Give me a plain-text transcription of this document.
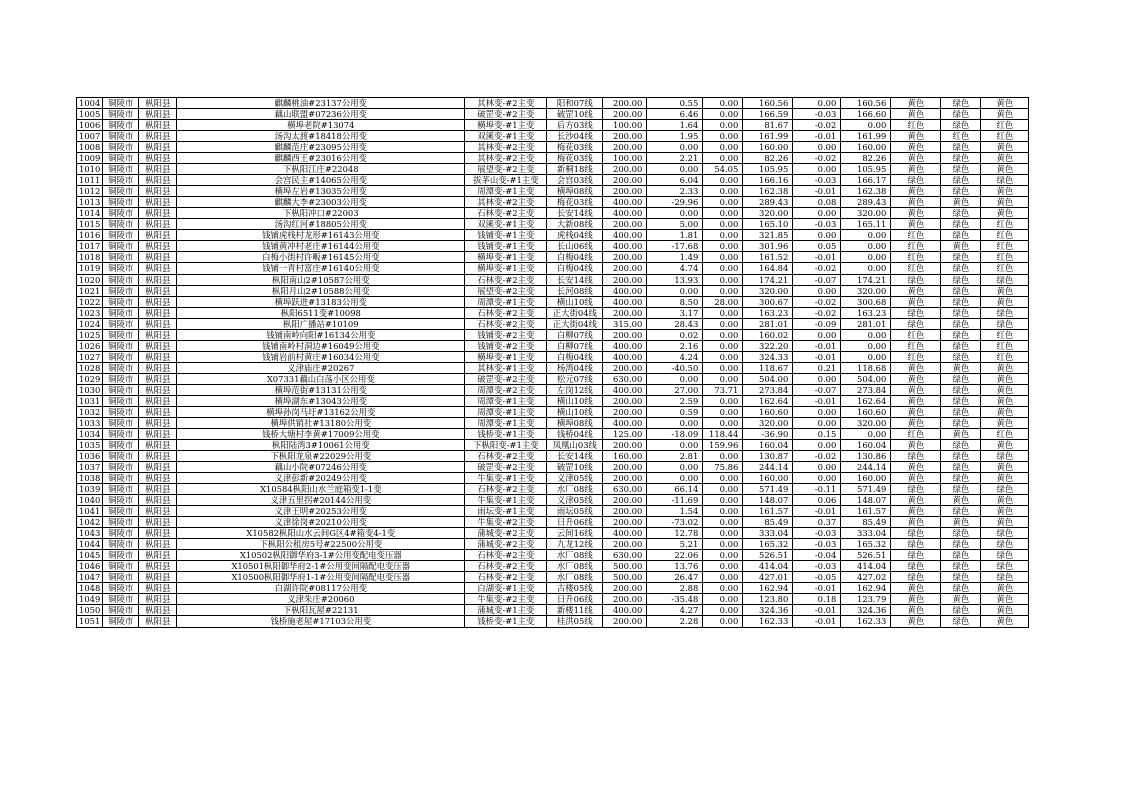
1004	铜陵市	枞阳县	麒麟桃油#23137公用变	其林变-#2主变	阳和07线	200.00	0.55	0.00	160.56	0.00	160.56	黄色	绿色	黄色
1005	铜陵市	枞阳县	藕山联盟#07236公用变	破罡变-#2主变	破罡10线	200.00	6.46	0.00	166.59	-0.03	166.60	黄色	绿色	黄色
1006	铜陵市	枞阳县	横埠老院#13074	横埠变-#1主变	后方03线	100.00	1.64	0.00	81.67	-0.02	0.00	红色	绿色	红色
1007	铜陵市	枞阳县	汤沟太渡#18418公用变	双溪变-#1主变	长沙04线	200.00	1.95	0.00	161.99	-0.01	161.99	黄色	红色	红色
1008	铜陵市	枞阳县	麒麟范庄#23095公用变	其林变-#2主变	梅花03线	200.00	0.00	0.00	160.00	0.00	160.00	黄色	绿色	黄色
1009	铜陵市	枞阳县	麒麟西王#23016公用变	其林变-#2主变	梅花03线	100.00	2.21	0.00	82.26	-0.02	82.26	黄色	绿色	黄色
1010	铜陵市	枞阳县	下枞阳江庄#22048	展望变-#2主变	新桐18线	200.00	0.00	54.05	105.95	0.00	105.95	黄色	绿色	黄色
1011	铜陵市	枞阳县	会宫民主#14065公用变	拔茅山变-#1主变	会宫03线	200.00	6.04	0.00	166.16	-0.03	166.17	绿色	绿色	绿色
1012	铜陵市	枞阳县	横埠左岩#13035公用变	周潭变-#1主变	横埠08线	200.00	2.33	0.00	162.38	-0.01	162.38	黄色	绿色	黄色
1013	铜陵市	枞阳县	麒麟大李#23003公用变	其林变-#2主变	梅花03线	400.00	-29.96	0.00	289.43	0.08	289.43	黄色	黄色	黄色
1014	铜陵市	枞阳县	下枞阳冲口#22003	石林变-#2主变	长安14线	400.00	0.00	0.00	320.00	0.00	320.00	黄色	绿色	黄色
1015	铜陵市	枞阳县	汤沟红河#18805公用变	双溪变-#1主变	大新08线	200.00	5.00	0.00	165.10	-0.03	165.11	黄色	绿色	红色
1016	铜陵市	枞阳县	钱铺虎栈村龙形#16143公用变	钱铺变-#1主变	虎栈04线	400.00	1.81	0.00	321.85	0.00	0.00	红色	绿色	红色
1017	铜陵市	枞阳县	钱铺黄冲村老庄#16144公用变	钱铺变-#1主变	长山06线	400.00	-17.68	0.00	301.96	0.05	0.00	红色	黄色	红色
1018	铜陵市	枞阳县	白梅小街村许畈#16145公用变	横埠变-#1主变	白梅04线	200.00	1.49	0.00	161.52	-0.01	0.00	红色	绿色	红色
1019	铜陵市	枞阳县	钱铺一青村富庄#16140公用变	横埠变-#1主变	白梅04线	200.00	4.74	0.00	164.84	-0.02	0.00	红色	绿色	红色
1020	铜陵市	枞阳县	枞阳南山2#10587公用变	石林变-#2主变	长安14线	200.00	13.93	0.00	174.21	-0.07	174.21	绿色	绿色	绿色
1021	铜陵市	枞阳县	枞阳月山2#10588公用变	展望变-#2主变	长河08线	400.00	0.00	0.00	320.00	0.00	320.00	黄色	绿色	黄色
1022	铜陵市	枞阳县	横埠跃进#13183公用变	周潭变-#1主变	横山10线	400.00	8.50	28.00	300.67	-0.02	300.68	黄色	绿色	黄色
1023	铜陵市	枞阳县	枞阳6511变#10098	石林变-#2主变	正大街04线	200.00	3.17	0.00	163.23	-0.02	163.23	绿色	绿色	绿色
1024	铜陵市	枞阳县	枞阳广播站#10109	石林变-#2主变	正大街04线	315.00	28.43	0.00	281.01	-0.09	281.01	绿色	绿色	绿色
1025	铜陵市	枞阳县	钱铺南岭向阳#16134公用变	钱铺变-#2主变	白柳07线	200.00	0.02	0.00	160.02	0.00	0.00	红色	绿色	红色
1026	铜陵市	枞阳县	钱铺南岭村洞边#16049公用变	钱铺变-#2主变	白柳07线	400.00	2.16	0.00	322.20	-0.01	0.00	红色	绿色	红色
1027	铜陵市	枞阳县	钱铺岩前村黄庄#16034公用变	横埠变-#1主变	白梅04线	400.00	4.24	0.00	324.33	-0.01	0.00	红色	绿色	红色
1028	铜陵市	枞阳县	义津庙庄#20267	其林变-#1主变	杨湾04线	200.00	-40.50	0.00	118.67	0.21	118.68	黄色	黄色	黄色
1029	铜陵市	枞阳县	X07331藕山白荡小区公用变	破罡变-#2主变	松元07线	630.00	0.00	0.00	504.00	0.00	504.00	黄色	绿色	黄色
1030	铜陵市	枞阳县	横埠范街#13131公用变	周潭变-#2主变	左岗12线	400.00	27.00	73.71	273.84	-0.07	273.84	黄色	绿色	黄色
1031	铜陵市	枞阳县	横埠湖东#13043公用变	周潭变-#1主变	横山10线	200.00	2.59	0.00	162.64	-0.01	162.64	黄色	绿色	黄色
1032	铜陵市	枞阳县	横埠孙岗马圩#13162公用变	周潭变-#1主变	横山10线	200.00	0.59	0.00	160.60	0.00	160.60	黄色	绿色	黄色
1033	铜陵市	枞阳县	横埠供销社#13180公用变	周潭变-#1主变	横埠08线	400.00	0.00	0.00	320.00	0.00	320.00	黄色	绿色	黄色
1034	铜陵市	枞阳县	钱桥大塘村李黄#17009公用变	钱桥变-#1主变	钱桥04线	125.00	-18.09	118.44	-36.90	0.15	0.00	红色	黄色	红色
1035	铜陵市	枞阳县	枞阳陆湾3#10061公用变	下枞阳变-#1主变	凤凰山03线	200.00	0.00	159.96	160.04	0.00	160.04	黄色	绿色	黄色
1036	铜陵市	枞阳县	下枞阳龙泉#22029公用变	石林变-#2主变	长安14线	160.00	2.81	0.00	130.87	-0.02	130.86	绿色	绿色	绿色
1037	铜陵市	枞阳县	藕山小院#07246公用变	破罡变-#2主变	破罡10线	200.00	0.00	75.86	244.14	0.00	244.14	黄色	绿色	黄色
1038	铜陵市	枞阳县	义津彭新#20249公用变	牛集变-#1主变	义津05线	200.00	0.00	0.00	160.00	0.00	160.00	黄色	绿色	黄色
1039	铜陵市	枞阳县	X10584枞阳山水兰庭箱变1-1变	石林变-#2主变	水厂08线	630.00	66.14	0.00	571.49	-0.11	571.49	绿色	绿色	绿色
1040	铜陵市	枞阳县	义津五里拐#20144公用变	牛集变-#1主变	义津05线	200.00	-11.69	0.00	148.07	0.06	148.07	黄色	黄色	黄色
1041	铜陵市	枞阳县	义津王明#20253公用变	雨坛变-#1主变	雨坛05线	200.00	1.54	0.00	161.57	-0.01	161.57	黄色	绿色	黄色
1042	铜陵市	枞阳县	义津徐岗#20210公用变	牛集变-#2主变	日升06线	200.00	-73.02	0.00	85.49	0.37	85.49	黄色	黄色	黄色
1043	铜陵市	枞阳县	X10582枞阳山水云间G区4#箱变4-1变	蒲城变-#2主变	云间16线	400.00	12.78	0.00	333.04	-0.03	333.04	绿色	绿色	绿色
1044	铜陵市	枞阳县	下枞阳公租房5号#22500公用变	蒲城变-#2主变	九龙12线	200.00	5.21	0.00	165.32	-0.03	165.32	绿色	绿色	绿色
1045	铜陵市	枞阳县	X10502枞阳御华府3-1#公用变配电变压器	石林变-#2主变	水厂08线	630.00	22.06	0.00	526.51	-0.04	526.51	绿色	绿色	绿色
1046	铜陵市	枞阳县	X10501枞阳御华府2-1#公用变间隔配电变压器	石林变-#2主变	水厂08线	500.00	13.76	0.00	414.04	-0.03	414.04	绿色	绿色	绿色
1047	铜陵市	枞阳县	X10500枞阳御华府1-1#公用变间隔配电变压器	石林变-#2主变	水厂08线	500.00	26.47	0.00	427.01	-0.05	427.02	绿色	绿色	绿色
1048	铜陵市	枞阳县	白湖许院#08117公用变	白湖变-#1主变	古楼05线	200.00	2.88	0.00	162.94	-0.01	162.94	黄色	绿色	黄色
1049	铜陵市	枞阳县	义津朱庄#20060	牛集变-#2主变	日升06线	200.00	-35.48	0.00	123.80	0.18	123.79	黄色	黄色	黄色
1050	铜陵市	枞阳县	下枞阳瓦屋#22131	蒲城变-#1主变	新楼11线	400.00	4.27	0.00	324.36	-0.01	324.36	黄色	绿色	黄色
1051	铜陵市	枞阳县	钱桥施老屋#17103公用变	钱桥变-#1主变	桂洪05线	200.00	2.28	0.00	162.33	-0.01	162.33	黄色	绿色	黄色
